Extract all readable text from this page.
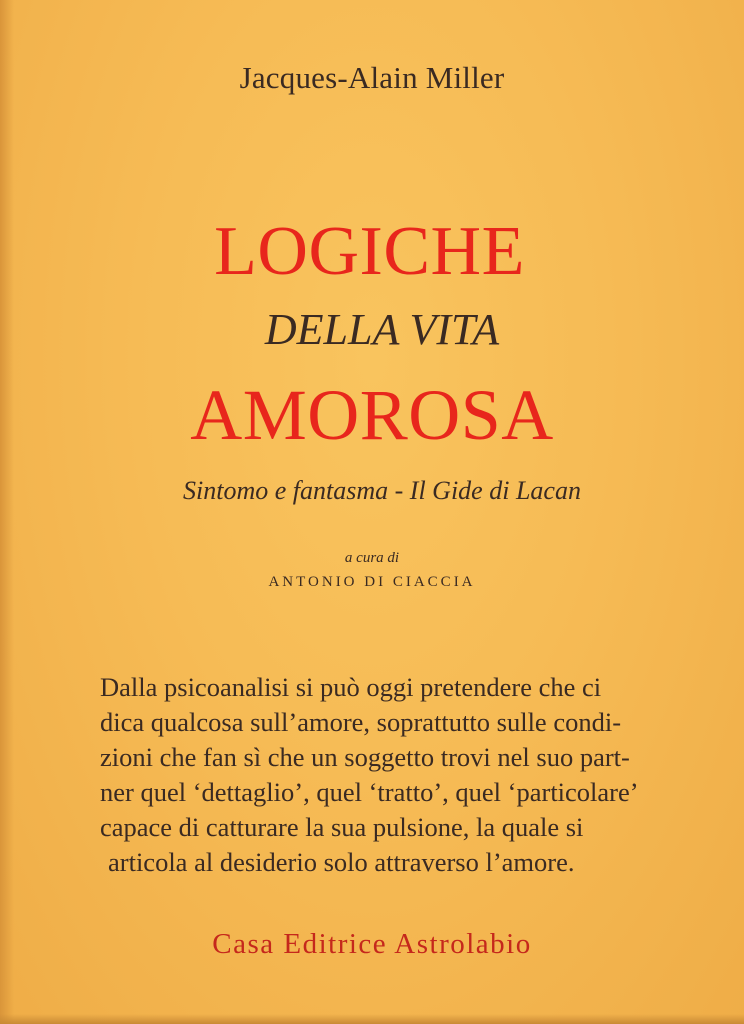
Jacques-Alain Miller
LOGICHE
DELLA VITA
AMOROSA
Sintomo e fantasma - Il Gide di Lacan
a cura di
ANTONIO DI CIACCIA
Dalla psicoanalisi si può oggi pretendere che ci
dica qualcosa sull’amore, soprattutto sulle condi-
zioni che fan sì che un soggetto trovi nel suo part-
ner quel ‘dettaglio’, quel ‘tratto’, quel ‘particolare’
capace di catturare la sua pulsione, la quale si
articola al desiderio solo attraverso l’amore.
Casa Editrice Astrolabio
